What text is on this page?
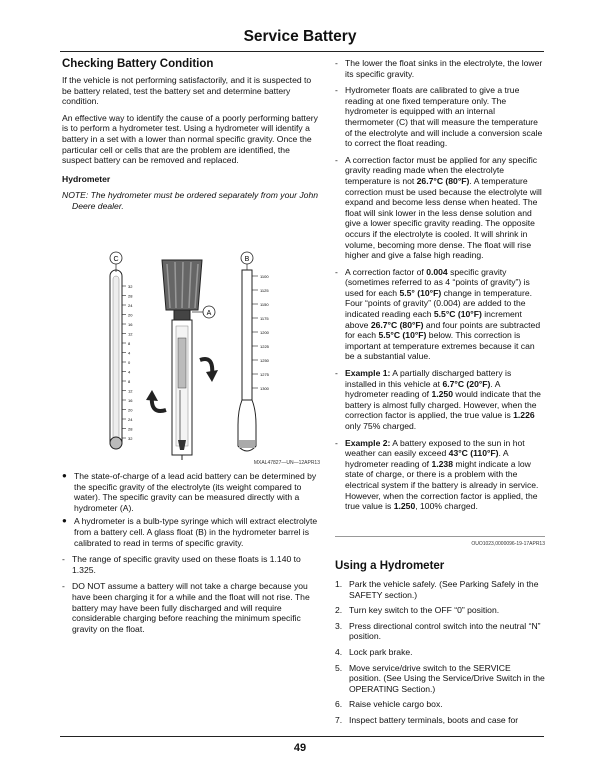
Service Battery
Checking Battery Condition

If the vehicle is not performing satisfactorily, and it is suspected to be battery related, test the battery set and determine battery condition.

An effective way to identify the cause of a poorly performing battery is to perform a hydrometer test. Using a hydrometer will identify a battery in a set with a lower than normal specific gravity. Once the particular cell or cells that are the problem are identified, the suspect battery can be removed and replaced.

Hydrometer
NOTE: The hydrometer must be ordered separately from your John Deere dealer.
C
32
28
24
20
16
12
8
4
0
4
8
12
16
20
24
28
32
A
B
1100
1125
1150
1175
1200
1225
1250
1275
1300
MXAL47827—UN—12APR13
● The state-of-charge of a lead acid battery can be determined by the specific gravity of the electrolyte (its weight compared to water). The specific gravity can be measured directly with a hydrometer (A).
● A hydrometer is a bulb-type syringe which will extract electrolyte from a battery cell. A glass float (B) in the hydrometer barrel is calibrated to read in terms of specific gravity.
- The range of specific gravity used on these floats is 1.140 to 1.325.
- DO NOT assume a battery will not take a charge because you have been charging it for a while and the float will not rise. The battery may have been fully discharged and will require considerable charging before reaching the minimum specific gravity on the float.
- The lower the float sinks in the electrolyte, the lower its specific gravity.
- Hydrometer floats are calibrated to give a true reading at one fixed temperature only. The hydrometer is equipped with an internal thermometer (C) that will measure the temperature of the electrolyte and will include a conversion scale to correct the float reading.
- A correction factor must be applied for any specific gravity reading made when the electrolyte temperature is not 26.7°C (80°F). A temperature correction must be used because the electrolyte will expand and become less dense when heated. The float will sink lower in the less dense solution and give a lower specific gravity reading. The opposite occurs if the electrolyte is cooled. It will shrink in volume, becoming more dense. The float will rise higher and give a false high reading.
- A correction factor of 0.004 specific gravity (sometimes referred to as 4 “points of gravity”) is used for each 5.5° (10°F) change in temperature. Four “points of gravity” (0.004) are added to the indicated reading each 5.5°C (10°F) increment above 26.7°C (80°F) and four points are subtracted for each 5.5°C (10°F) below. This correction is important at temperature extremes because it can be a substantial value.
- Example 1: A partially discharged battery is installed in this vehicle at 6.7°C (20°F). A hydrometer reading of 1.250 would indicate that the battery is almost fully charged. However, when the correction factor is applied, the true value is 1.226 only 75% charged.
- Example 2: A battery exposed to the sun in hot weather can easily exceed 43°C (110°F). A hydrometer reading of 1.238 might indicate a low state of charge, or there is a problem with the electrical system if the battery is already in service. However, when the correction factor is applied, the true value is 1.250, 100% charged.
OUO1023,0000096-19-17APR13
Using a Hydrometer
1. Park the vehicle safely. (See Parking Safely in the SAFETY section.)
2. Turn key switch to the OFF “0” position.
3. Press directional control switch into the neutral “N” position.
4. Lock park brake.
5. Move service/drive switch to the SERVICE position. (See Using the Service/Drive Switch in the OPERATING Section.)
6. Raise vehicle cargo box.
7. Inspect battery terminals, boots and case for
49
